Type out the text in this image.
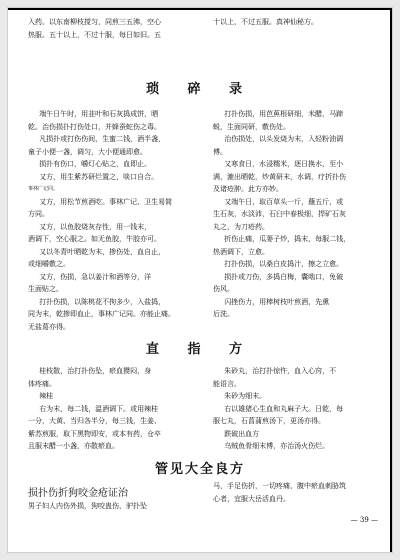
入药。以东南柳枝搅匀，同煎三五沸，空心

热服。五十以上，不过十服，每日如旧。五

十以上，不过五服。真神仙秘方。

琐 碎 录

端午日午时，用韭叶和石灰捣成饼，晒

乾。治伤损扑打伤处口，并蜂蚕蛇伤之毒。

凡损扑或打伤伤间，生蜜二钱，酒半盏，

童子小便一盏，调匀，大小便通即愈。

损扑有伤口，嚼灯心贴之，血即止。

又方，用生紫苏研烂置之，啖口自合。

事林广记同。

又方，用松节煎酒吃。事林广记、卫生易简

方同。

又方，以鱼胶烧灰存性，用一钱末，

酒调下，空心服之。如无鱼胶，牛胶亦可。

又以冬青叶晒乾为末，掺伤处，血自止，

或细嚼敷之。

又方，伤损，急以姜汁和酒等分，洋

生面贴之。

打扑伤损，以陈桃花不拘多少，入盐捣，

同为末，乾掺即血止，事林广记同。亦能止痛。

无盐葛亦得。

打扑伤损，用芭蕉根研细，米醋，马蹄

蜕，生面同研，敷伤处。

治伤损处，以头发烧为末，入轻粉油调

傅。

又寒食日，水浸糯米，逐日换水，至小

满，漉出晒乾，炒黄研末，水调，疗折扑伤

及诸疮肿。此方亦妙。

又端午日，取百草头一斤，蘸五斤，或

生石灰，水淡沛，石臼中春极细，捍矿石灰

丸之，为刀疮药。

折伤止痛，瓜蒌子炒，捣末，每服二钱，

热酒调下，立愈。

打扑伤损，以桑白皮捣汁，擦之立愈。

损扑或刀伤，多捣白梅，囊啮口，免破

伤风。

闪挫伤力，用棒树枝叶煎酒，先熏

后洗。

直 指 方

桂枝散，治打扑伤坠，瘀血攒闷，身

体疼痛。

辣桂

右为末，每二钱，温酒调下。或用辣桂

一分，大黄、当归各半分，每三钱，生姜、

紫苏煎服，取下黑物即安，或本有药，仓卒

且服末醋一小盏，亦散瘀血。

朱砂丸，治打扑惊忤，血入心窍，不

能语言。

朱砂为细末。

右以雄猪心生血和丸麻子大。日乾，每

服七丸，石菖蒲煎汤下，更汤亦得。

跌破出血方

乌贼鱼骨细末傅，亦治汤火伤烂。

管见大全良方
损扑伤折狗咬金疮证治
男子妇人内伤外损，狗咬蛊伤，驴扑坠

马，手足伤折，一切疼痛，腹中瘀血刺胁筑

心者，宜服大岳活血丹。

— 39 —
